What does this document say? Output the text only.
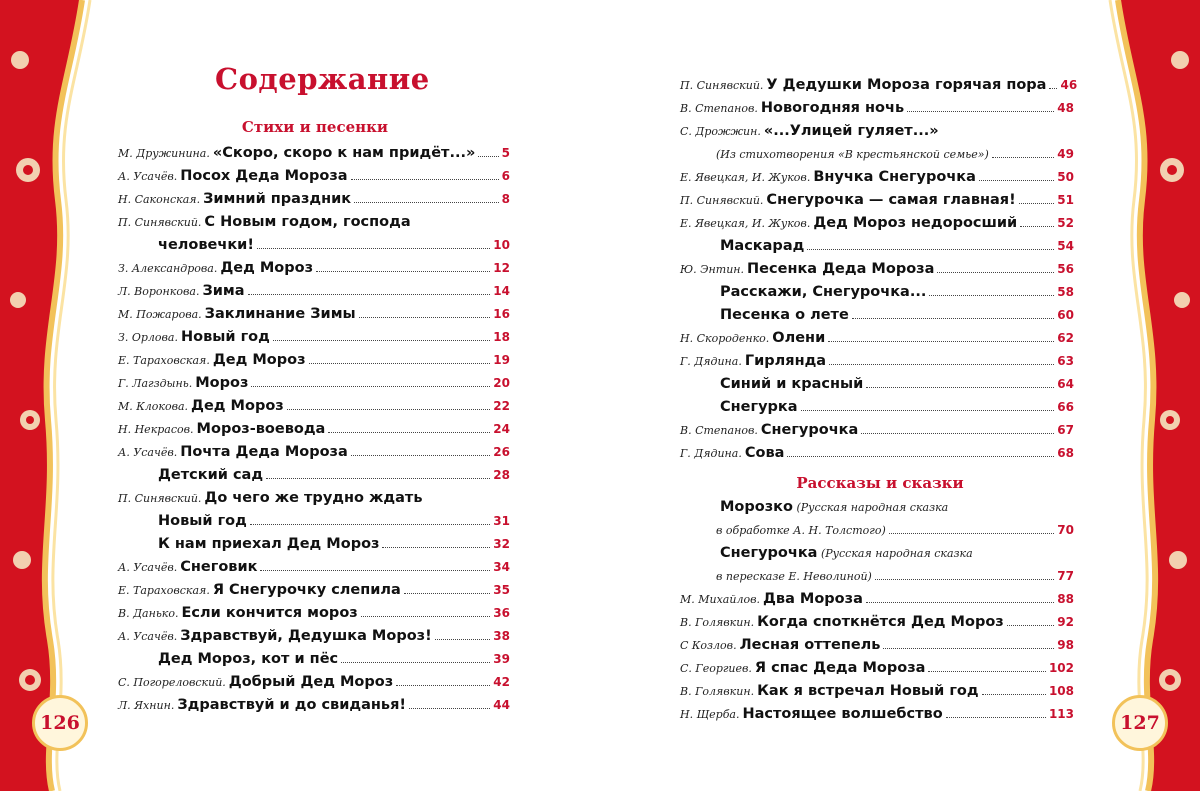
126	127
Содержание
Стихи и песенки
М. Дружинина. «Скоро, скоро к нам придёт...» 5
А. Усачёв. Посох Деда Мороза	6
Н. Саконская. Зимний праздник	8
П. Синявский. С Новым годом, господа
человечки!	10
З. Александрова. Дед Мороз	12
Л. Воронкова. Зима	14
М. Пожарова. Заклинание Зимы	16
З. Орлова. Новый год	18
Е. Тараховская. Дед Мороз	19
Г. Лагздынь. Мороз	20
М. Клокова. Дед Мороз	22
Н. Некрасов. Мороз-воевода	24
А. Усачёв. Почта Деда Мороза	26
Детский сад	28
П. Синявский. До чего же трудно ждать
Новый год	31
К нам приехал Дед Мороз	32
А. Усачёв. Снеговик	34
Е. Тараховская. Я Снегурочку слепила	35
В. Данько. Если кончится мороз	36
А. Усачёв. Здравствуй, Дедушка Мороз!	38
Дед Мороз, кот и пёс	39
С. Погореловский. Добрый Дед Мороз	42
Л. Яхнин. Здравствуй и до свиданья!	44
П. Синявский. У Дедушки Мороза горячая пора 46
В. Степанов. Новогодняя ночь	48
С. Дрожжин. «...Улицей гуляет...»
(Из стихотворения «В крестьянской семье»)	49
Е. Явецкая, И. Жуков. Внучка Снегурочка	50
П. Синявский. Снегурочка — самая главная!	51
Е. Явецкая, И. Жуков. Дед Мороз недоросший	52
Маскарад	54
Ю. Энтин. Песенка Деда Мороза	56
Расскажи, Снегурочка...	58
Песенка о лете	60
Н. Скороденко. Олени	62
Г. Дядина. Гирлянда	63
Синий и красный	64
Снегурка	66
В. Степанов. Снегурочка	67
Г. Дядина. Сова	68
Рассказы и сказки
Морозко (Русская народная сказка
в обработке А. Н. Толстого)	70
Снегурочка (Русская народная сказка
в пересказе Е. Неволиной)	77
М. Михайлов. Два Мороза	88
В. Голявкин. Когда споткнётся Дед Мороз	92
С Козлов. Лесная оттепель	98
С. Георгиев. Я спас Деда Мороза	102
В. Голявкин. Как я встречал Новый год	108
Н. Щерба. Настоящее волшебство	113
